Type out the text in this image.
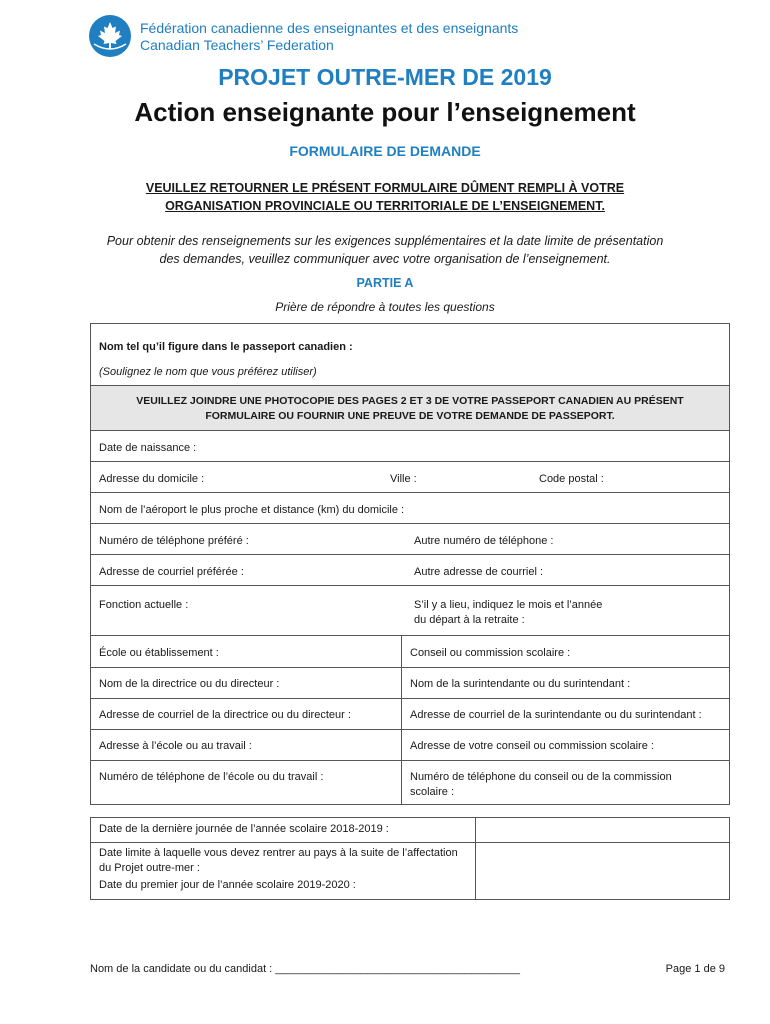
Fédération canadienne des enseignantes et des enseignants
Canadian Teachers’ Federation
PROJET OUTRE-MER DE 2019
Action enseignante pour l’enseignement
FORMULAIRE DE DEMANDE
VEUILLEZ RETOURNER LE PRÉSENT FORMULAIRE DÛMENT REMPLI À VOTRE
ORGANISATION PROVINCIALE OU TERRITORIALE DE L’ENSEIGNEMENT.
Pour obtenir des renseignements sur les exigences supplémentaires et la date limite de présentation
des demandes, veuillez communiquer avec votre organisation de l’enseignement.
PARTIE A
Prière de répondre à toutes les questions
Nom tel qu’il figure dans le passeport canadien :
(Soulignez le nom que vous préférez utiliser)
VEUILLEZ JOINDRE UNE PHOTOCOPIE DES PAGES 2 ET 3 DE VOTRE PASSEPORT CANADIEN AU PRÉSENT
FORMULAIRE OU FOURNIR UNE PREUVE DE VOTRE DEMANDE DE PASSEPORT.
Date de naissance :
Adresse du domicile :	Ville :	Code postal :
Nom de l’aéroport le plus proche et distance (km) du domicile :
Numéro de téléphone préféré :	Autre numéro de téléphone :
Adresse de courriel préférée :	Autre adresse de courriel :
Fonction actuelle :	S’il y a lieu, indiquez le mois et l’année
du départ à la retraite :
École ou établissement :	Conseil ou commission scolaire :
Nom de la directrice ou du directeur :	Nom de la surintendante ou du surintendant :
Adresse de courriel de la directrice ou du directeur :	Adresse de courriel de la surintendante ou du surintendant :
Adresse à l’école ou au travail :	Adresse de votre conseil ou commission scolaire :
Numéro de téléphone de l’école ou du travail :	Numéro de téléphone du conseil ou de la commission
scolaire :
Date de la dernière journée de l’année scolaire 2018-2019 :
Date limite à laquelle vous devez rentrer au pays à la suite de l’affectation
du Projet outre-mer :
Date du premier jour de l’année scolaire 2019-2020 :
Nom de la candidate ou du candidat : ________________________________________	Page 1 de 9
